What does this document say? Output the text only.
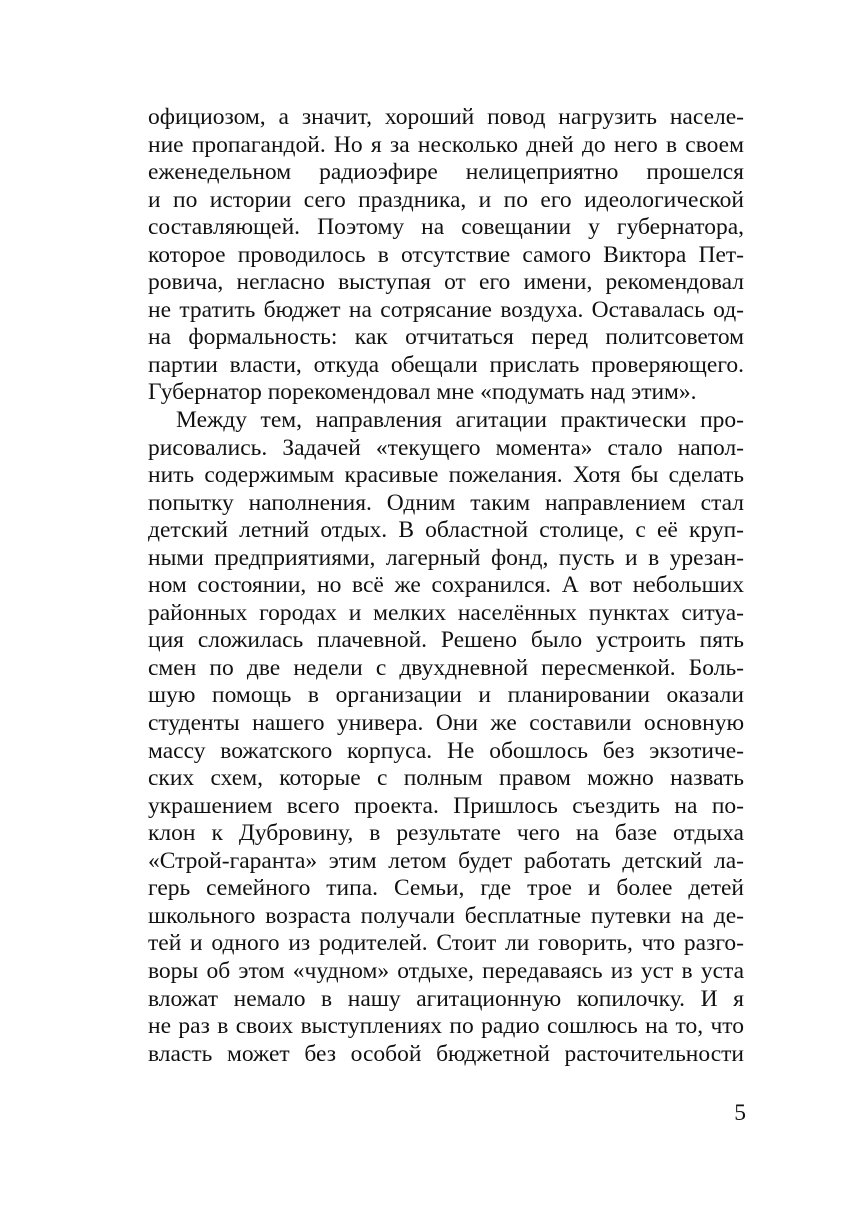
официозом, а значит, хороший повод нагрузить населе-
ние пропагандой. Но я за несколько дней до него в своем
еженедельном радиоэфире нелицеприятно прошелся
и по истории сего праздника, и по его идеологической
составляющей. Поэтому на совещании у губернатора,
которое проводилось в отсутствие самого Виктора Пет-
ровича, негласно выступая от его имени, рекомендовал
не тратить бюджет на сотрясание воздуха. Оставалась од-
на формальность: как отчитаться перед политсоветом
партии власти, откуда обещали прислать проверяющего.
Губернатор порекомендовал мне «подумать над этим».
Между тем, направления агитации практически про-
рисовались. Задачей «текущего момента» стало напол-
нить содержимым красивые пожелания. Хотя бы сделать
попытку наполнения. Одним таким направлением стал
детский летний отдых. В областной столице, с её круп-
ными предприятиями, лагерный фонд, пусть и в урезан-
ном состоянии, но всё же сохранился. А вот небольших
районных городах и мелких населённых пунктах ситуа-
ция сложилась плачевной. Решено было устроить пять
смен по две недели с двухдневной пересменкой. Боль-
шую помощь в организации и планировании оказали
студенты нашего универа. Они же составили основную
массу вожатского корпуса. Не обошлось без экзотиче-
ских схем, которые с полным правом можно назвать
украшением всего проекта. Пришлось съездить на по-
клон к Дубровину, в результате чего на базе отдыха
«Строй-гаранта» этим летом будет работать детский ла-
герь семейного типа. Семьи, где трое и более детей
школьного возраста получали бесплатные путевки на де-
тей и одного из родителей. Стоит ли говорить, что разго-
воры об этом «чудном» отдыхе, передаваясь из уст в уста
вложат немало в нашу агитационную копилочку. И я
не раз в своих выступлениях по радио сошлюсь на то, что
власть может без особой бюджетной расточительности
5
